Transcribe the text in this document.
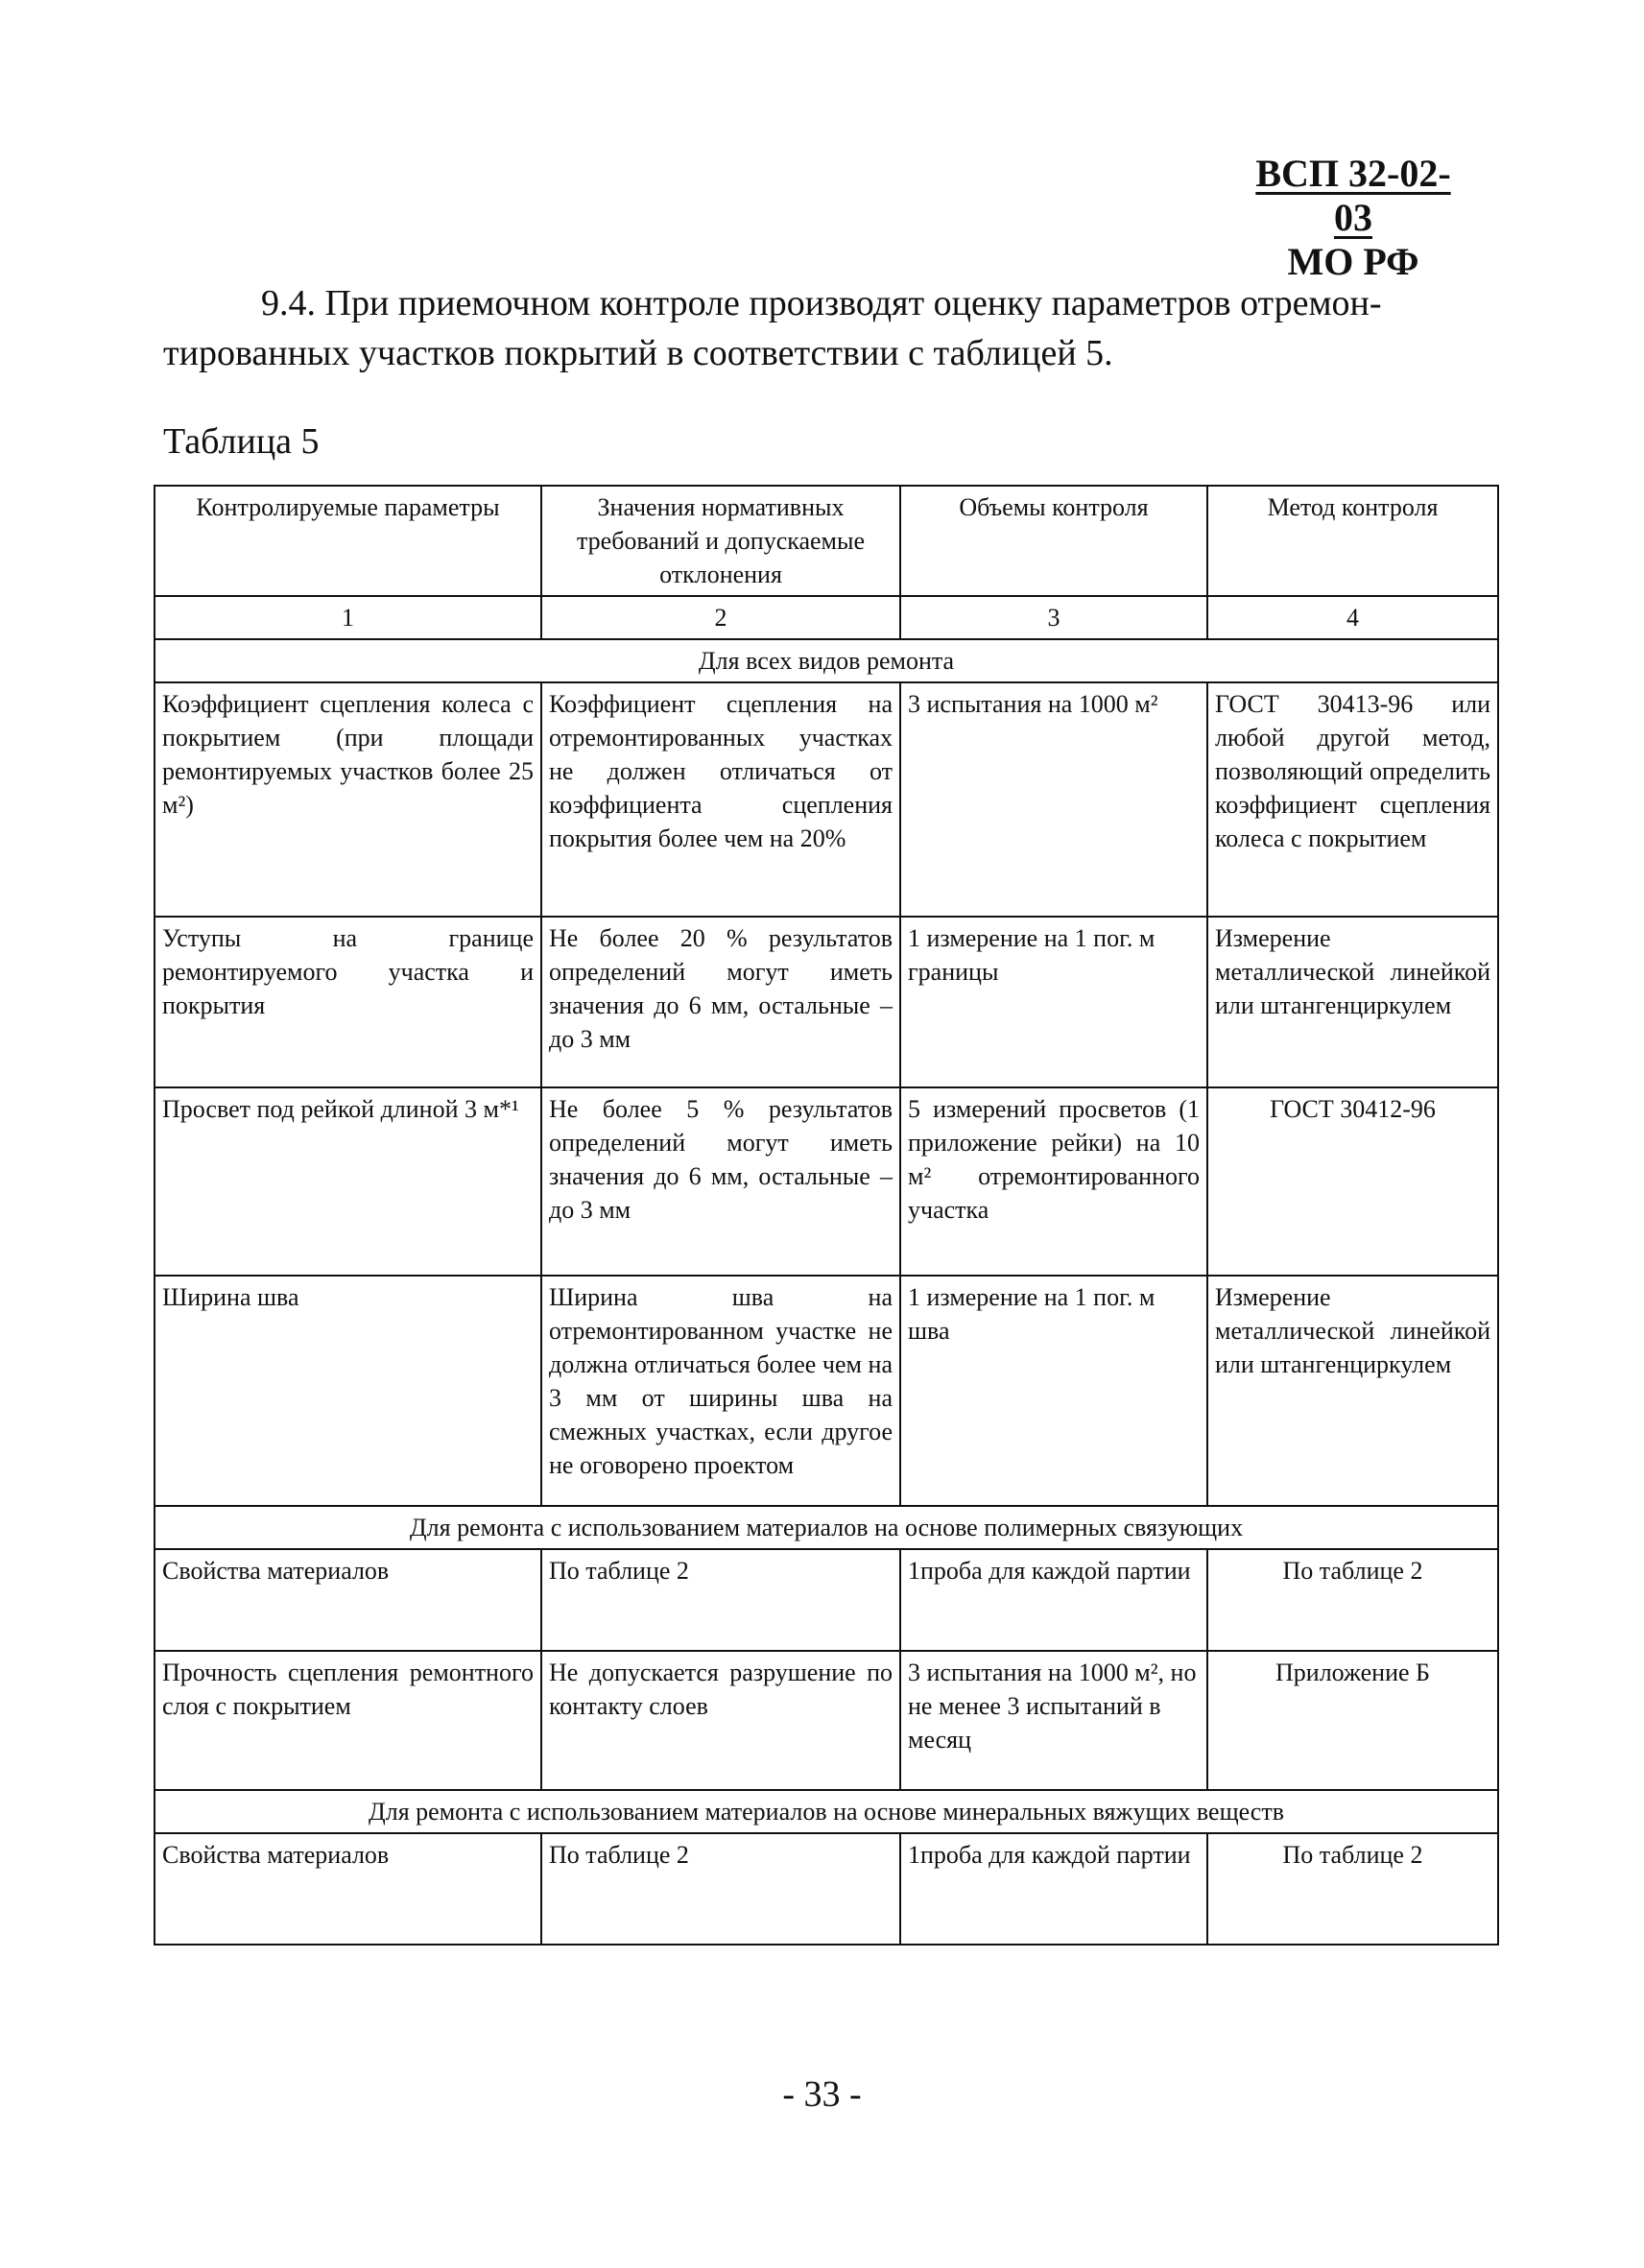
ВСП 32-02-03
МО РФ
9.4. При приемочном контроле производят оценку параметров отремон-
тированных участков покрытий в соответствии с таблицей 5.
Таблица 5
Контролируемые параметры	Значения нормативных требований и допускаемые отклонения	Объемы контроля	Метод контроля
1	2	3	4
Для всех видов ремонта			
Коэффициент сцепления колеса с покрытием (при площади ремонтируемых участков более 25 м²)	Коэффициент сцепления на отремонтированных участках не должен отличаться от коэффициента сцепления покрытия более чем на 20%	3 испытания на 1000 м²	ГОСТ 30413-96 или любой другой метод, позволяющий определить коэффициент сцепления колеса с покрытием
Уступы на границе ремонтируемого участка и покрытия	Не более 20 % результатов определений могут иметь значения до 6 мм, остальные – до 3 мм	1 измерение на 1 пог. м границы	Измерение металлической линейкой или штангенциркулем
Просвет под рейкой длиной 3 м*¹	Не более 5 % результатов определений могут иметь значения до 6 мм, остальные – до 3 мм	5 измерений просветов (1 приложение рейки) на 10 м² отремонтированного участка	ГОСТ 30412-96
Ширина шва	Ширина шва на отремонтированном участке не должна отличаться более чем на 3 мм от ширины шва на смежных участках, если другое не оговорено проектом	1 измерение на 1 пог. м шва	Измерение металлической линейкой или штангенциркулем
Для ремонта с использованием материалов на основе полимерных связующих			
Свойства материалов	По таблице 2	1проба для каждой партии	По таблице 2
Прочность сцепления ремонтного слоя с покрытием	Не допускается разрушение по контакту слоев	3 испытания на 1000 м², но не менее 3 испытаний в месяц	Приложение Б
Для ремонта с использованием материалов на основе минеральных вяжущих веществ			
Свойства материалов	По таблице 2	1проба для каждой партии	По таблице 2
- 33 -
